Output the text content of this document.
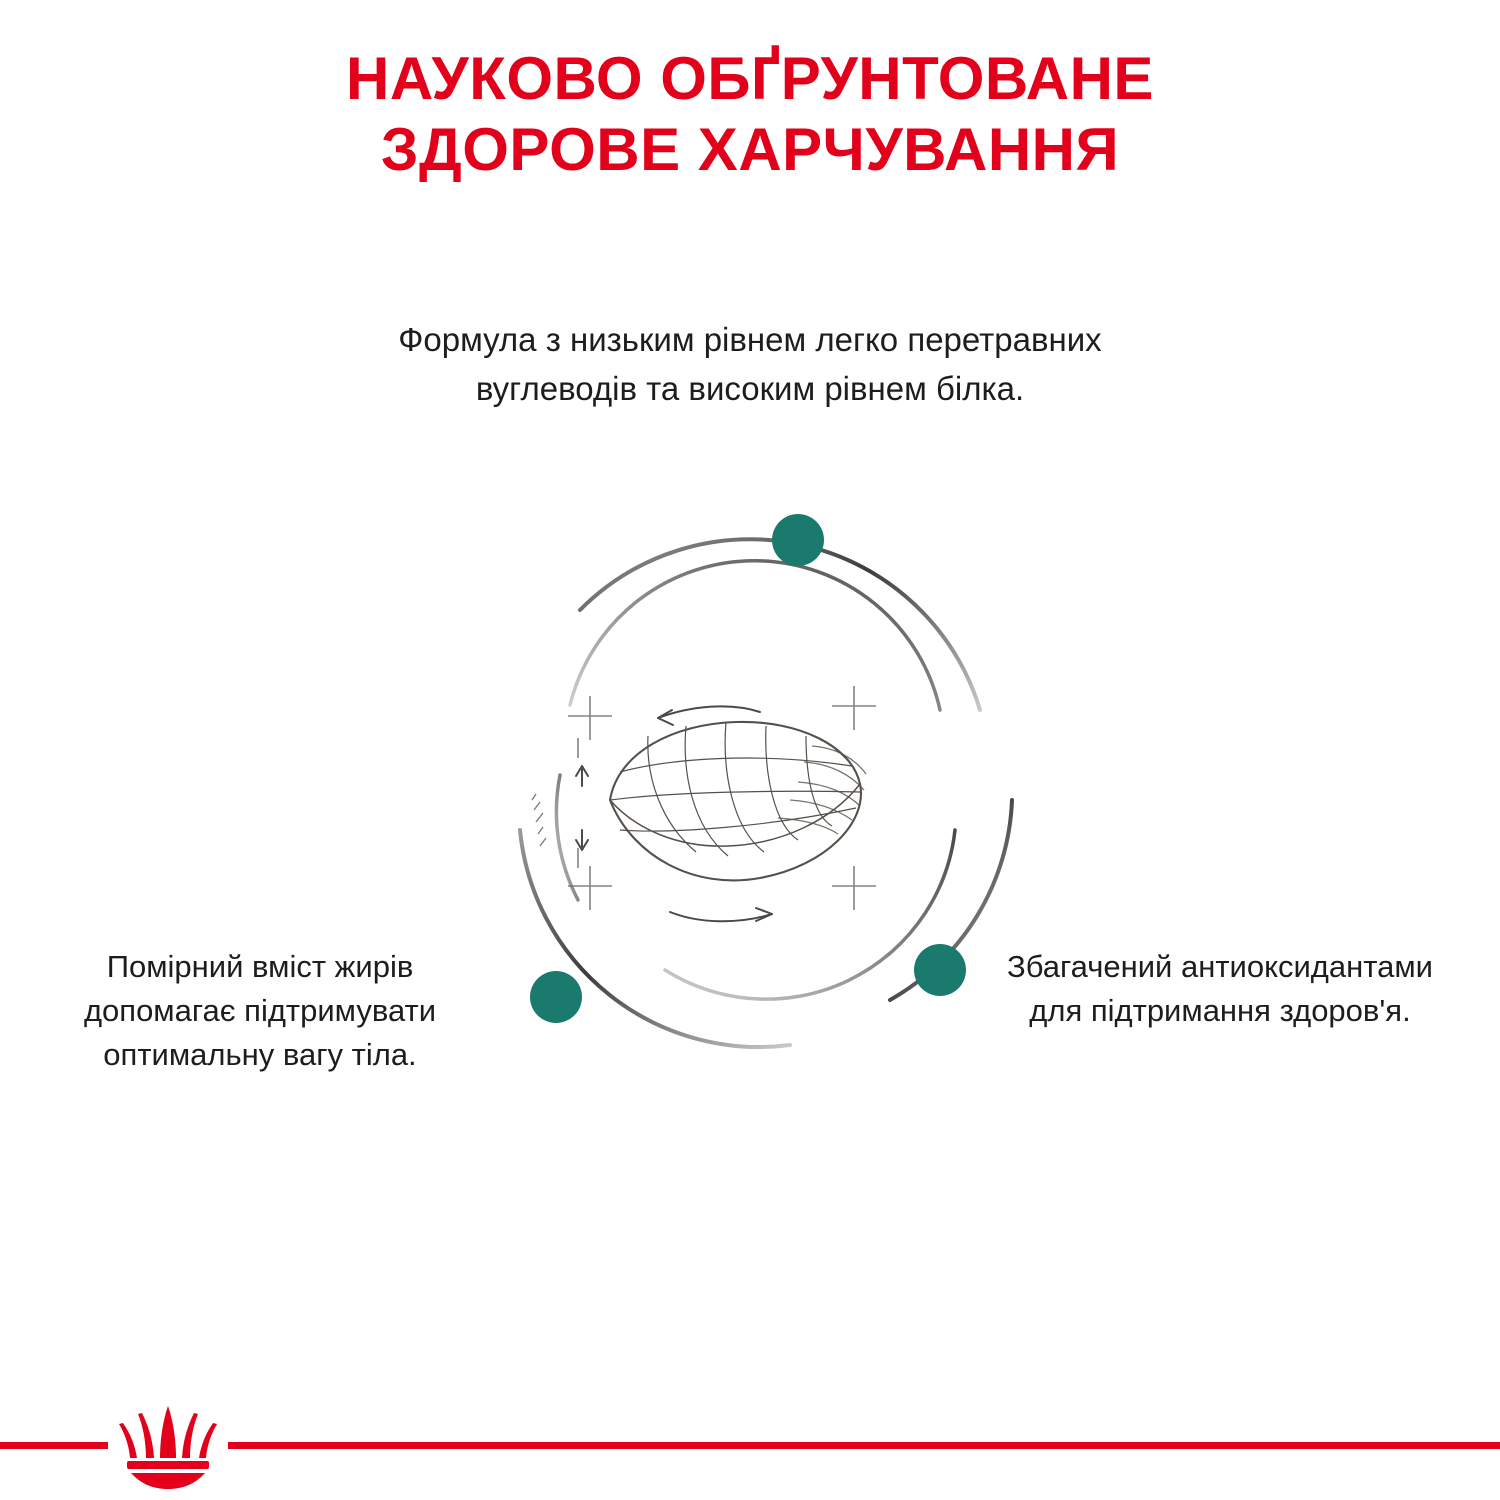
НАУКОВО ОБҐРУНТОВАНЕ
ЗДОРОВЕ ХАРЧУВАННЯ
Формула з низьким рівнем легко перетравних вуглеводів та високим рівнем білка.
Помірний вміст жирів допомагає підтримувати оптимальну вагу тіла.
Збагачений антиоксидантами для підтримання здоров'я.
